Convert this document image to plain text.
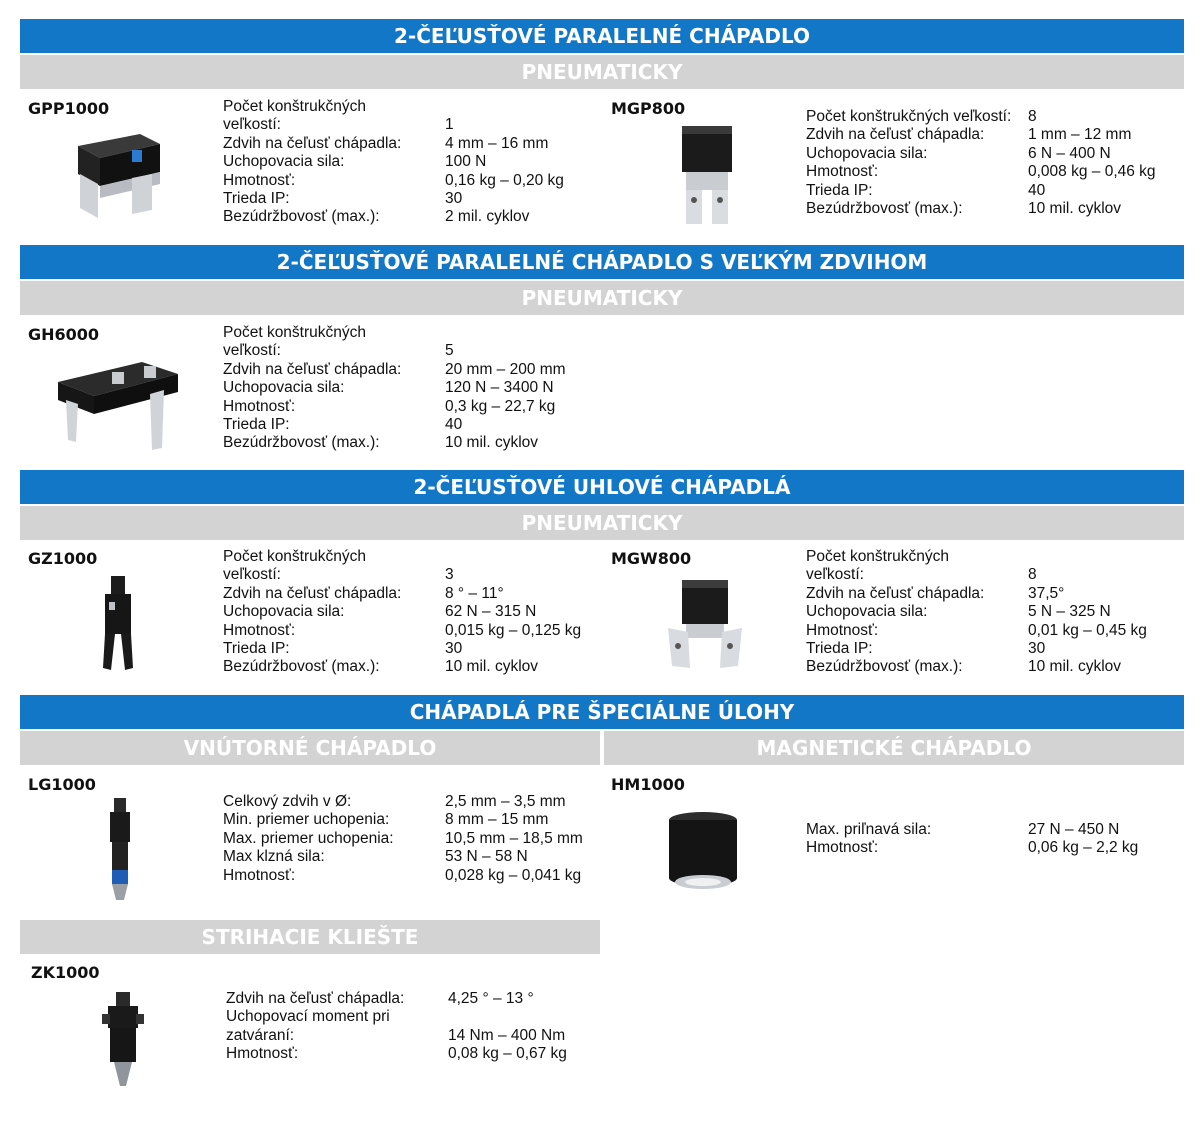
2-ČEĽUSŤOVÉ PARALELNÉ CHÁPADLO
PNEUMATICKY
GPP1000	Počet konštrukčných
veľkostí:	1
Zdvih na čeľusť chápadla:	4 mm – 16 mm
Uchopovacia sila:	100 N
Hmotnosť:	0,16 kg – 0,20 kg
Trieda IP:	30
Bezúdržbovosť (max.):	2 mil. cyklov
MGP800	Počet konštrukčných veľkostí:	8
Zdvih na čeľusť chápadla:	1 mm – 12 mm
Uchopovacia sila:	6 N – 400 N
Hmotnosť:	0,008 kg – 0,46 kg
Trieda IP:	40
Bezúdržbovosť (max.):	10 mil. cyklov
2-ČEĽUSŤOVÉ PARALELNÉ CHÁPADLO S VEĽKÝM ZDVIHOM
PNEUMATICKY
GH6000	Počet konštrukčných
veľkostí:	5
Zdvih na čeľusť chápadla:	20 mm – 200 mm
Uchopovacia sila:	120 N – 3400 N
Hmotnosť:	0,3 kg – 22,7 kg
Trieda IP:	40
Bezúdržbovosť (max.):	10 mil. cyklov
2-ČEĽUSŤOVÉ UHLOVÉ CHÁPADLÁ
PNEUMATICKY
GZ1000	Počet konštrukčných
veľkostí:	3
Zdvih na čeľusť chápadla:	8 ° – 11°
Uchopovacia sila:	62 N – 315 N
Hmotnosť:	0,015 kg – 0,125 kg
Trieda IP:	30
Bezúdržbovosť (max.):	10 mil. cyklov
MGW800	Počet konštrukčných
veľkostí:	8
Zdvih na čeľusť chápadla:	37,5°
Uchopovacia sila:	5 N – 325 N
Hmotnosť:	0,01 kg – 0,45 kg
Trieda IP:	30
Bezúdržbovosť (max.):	10 mil. cyklov
CHÁPADLÁ PRE ŠPECIÁLNE ÚLOHY
VNÚTORNÉ CHÁPADLO	MAGNETICKÉ CHÁPADLO
LG1000
Celkový zdvih v Ø:	2,5 mm – 3,5 mm
Min. priemer uchopenia:	8 mm – 15 mm
Max. priemer uchopenia:	10,5 mm – 18,5 mm
Max klzná sila:	53 N – 58 N
Hmotnosť:	0,028 kg – 0,041 kg
HM1000
Max. priľnavá sila:	27 N – 450 N
Hmotnosť:	0,06 kg – 2,2 kg
STRIHACIE KLIEŠTE
ZK1000
Zdvih na čeľusť chápadla:	4,25 ° – 13 °
Uchopovací moment pri
zatváraní:	14 Nm – 400 Nm
Hmotnosť:	0,08 kg – 0,67 kg
